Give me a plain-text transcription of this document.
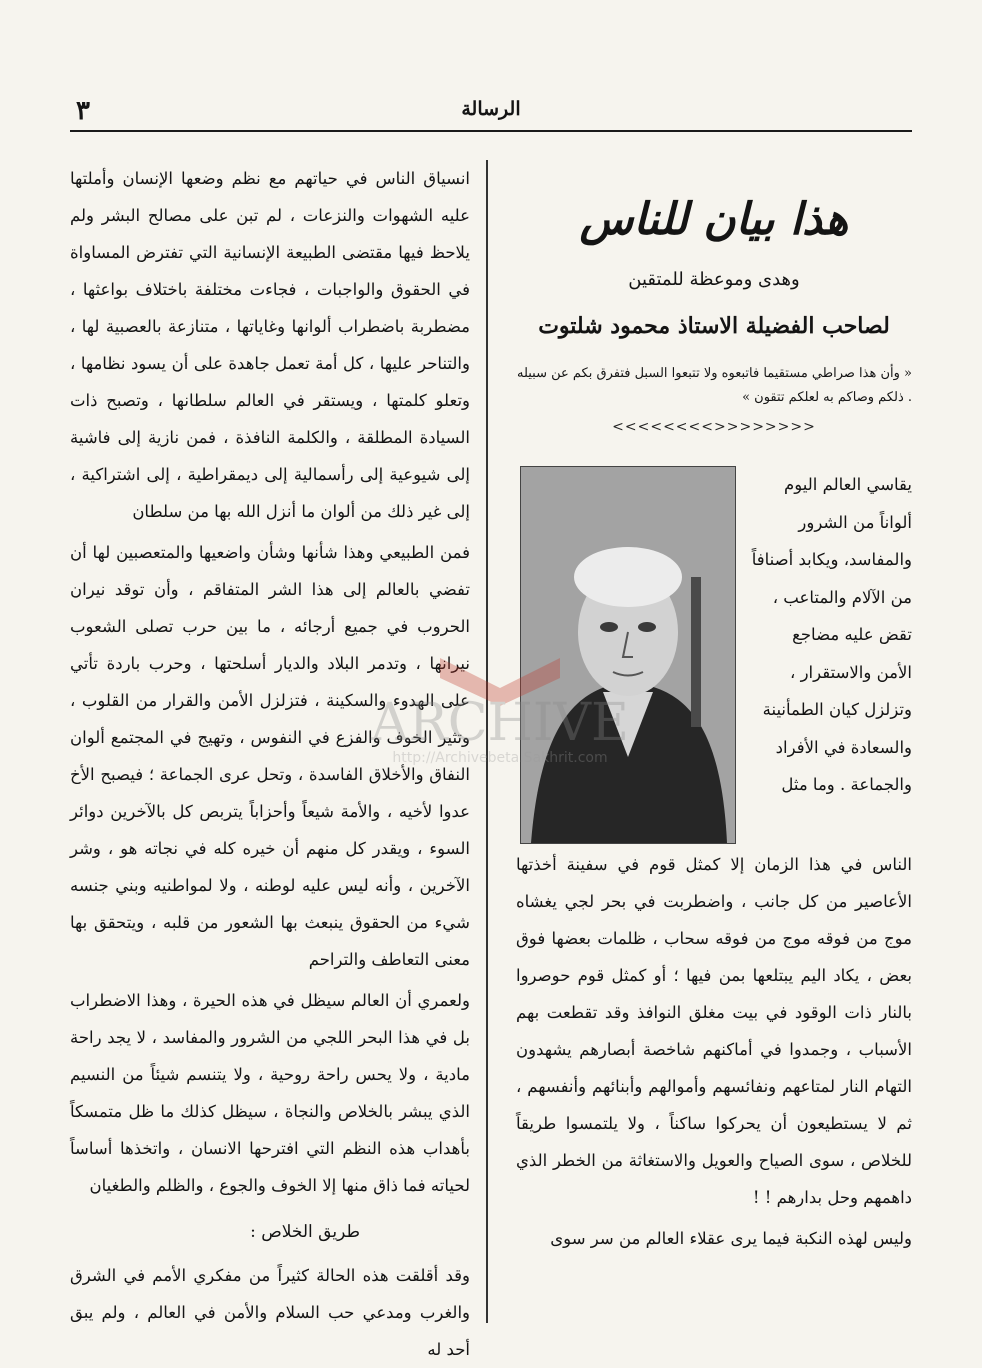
٣	الرسالة
هذا بيان للناس
وهدى وموعظة للمتقين
لصاحب الفضيلة الاستاذ محمود شلتوت

« وأن هذا صراطي مستقيما فاتبعوه ولا تتبعوا السبل فتفرق بكم عن سبيله . ذلكم وصاكم به لعلكم تتقون »

<<<<<<<<>>>>>>>>

يقاسي العالم اليوم

ألواناً من الشرور

والمفاسد، ويكابد أصنافاً

من الآلام والمتاعب ،

تقض عليه مضاجع

الأمن والاستقرار ،

وتزلزل كيان الطمأنينة

والسعادة في الأفراد

والجماعة . وما مثل

الناس في هذا الزمان إلا كمثل قوم في سفينة أخذتها الأعاصير من كل جانب ، واضطربت في بحر لجي يغشاه موج من فوقه موج من فوقه سحاب ، ظلمات بعضها فوق بعض ، يكاد اليم يبتلعها بمن فيها ؛ أو كمثل قوم حوصروا بالنار ذات الوقود في بيت مغلق النوافذ وقد تقطعت بهم الأسباب ، وجمدوا في أماكنهم شاخصة أبصارهم يشهدون التهام النار لمتاعهم ونفائسهم وأموالهم وأبنائهم وأنفسهم ، ثم لا يستطيعون أن يحركوا ساكناً ، ولا يلتمسوا طريقاً للخلاص ، سوى الصياح والعويل والاستغاثة من الخطر الذي داهمهم وحل بدارهم ! !

وليس لهذه النكبة فيما يرى عقلاء العالم من سر سوى

انسياق الناس في حياتهم مع نظم وضعها الإنسان وأملتها عليه الشهوات والنزعات ، لم تبن على مصالح البشر ولم يلاحظ فيها مقتضى الطبيعة الإنسانية التي تفترض المساواة في الحقوق والواجبات ، فجاءت مختلفة باختلاف بواعثها ، مضطربة باضطراب ألوانها وغاياتها ، متنازعة بالعصبية لها ، والتناحر عليها ، كل أمة تعمل جاهدة على أن يسود نظامها ، وتعلو كلمتها ، ويستقر في العالم سلطانها ، وتصبح ذات السيادة المطلقة ، والكلمة النافذة ، فمن نازية إلى فاشية إلى شيوعية إلى رأسمالية إلى ديمقراطية ، إلى اشتراكية ، إلى غير ذلك من ألوان ما أنزل الله بها من سلطان

فمن الطبيعي وهذا شأنها وشأن واضعيها والمتعصبين لها أن تفضي بالعالم إلى هذا الشر المتفاقم ، وأن توقد نيران الحروب في جميع أرجائه ، ما بين حرب تصلى الشعوب نيرانها ، وتدمر البلاد والديار أسلحتها ، وحرب باردة تأتي على الهدوء والسكينة ، فتزلزل الأمن والقرار من القلوب ، وتثير الخوف والفزع في النفوس ، وتهيج في المجتمع ألوان النفاق والأخلاق الفاسدة ، وتحل عرى الجماعة ؛ فيصبح الأخ عدوا لأخيه ، والأمة شيعاً وأحزاباً يتربص كل بالآخرين دوائر السوء ، ويقدر كل منهم أن خيره كله في نجاته هو ، وشر الآخرين ، وأنه ليس عليه لوطنه ، ولا لمواطنيه وبني جنسه شيء من الحقوق ينبعث بها الشعور من قلبه ، ويتحقق بها معنى التعاطف والتراحم

ولعمري أن العالم سيظل في هذه الحيرة ، وهذا الاضطراب بل في هذا البحر اللجي من الشرور والمفاسد ، لا يجد راحة مادية ، ولا يحس راحة روحية ، ولا يتنسم شيئاً من النسيم الذي يبشر بالخلاص والنجاة ، سيظل كذلك ما ظل متمسكاً بأهداب هذه النظم التي افترحها الانسان ، واتخذها أساساً لحياته فما ذاق منها إلا الخوف والجوع ، والظلم والطغيان

طريق الخلاص :

وقد أقلقت هذه الحالة كثيراً من مفكري الأمم في الشرق والغرب ومدعي حب السلام والأمن في العالم ، ولم يبق أحد له

ARCHIVE
http://Archivebeta.Sakhrit.com
